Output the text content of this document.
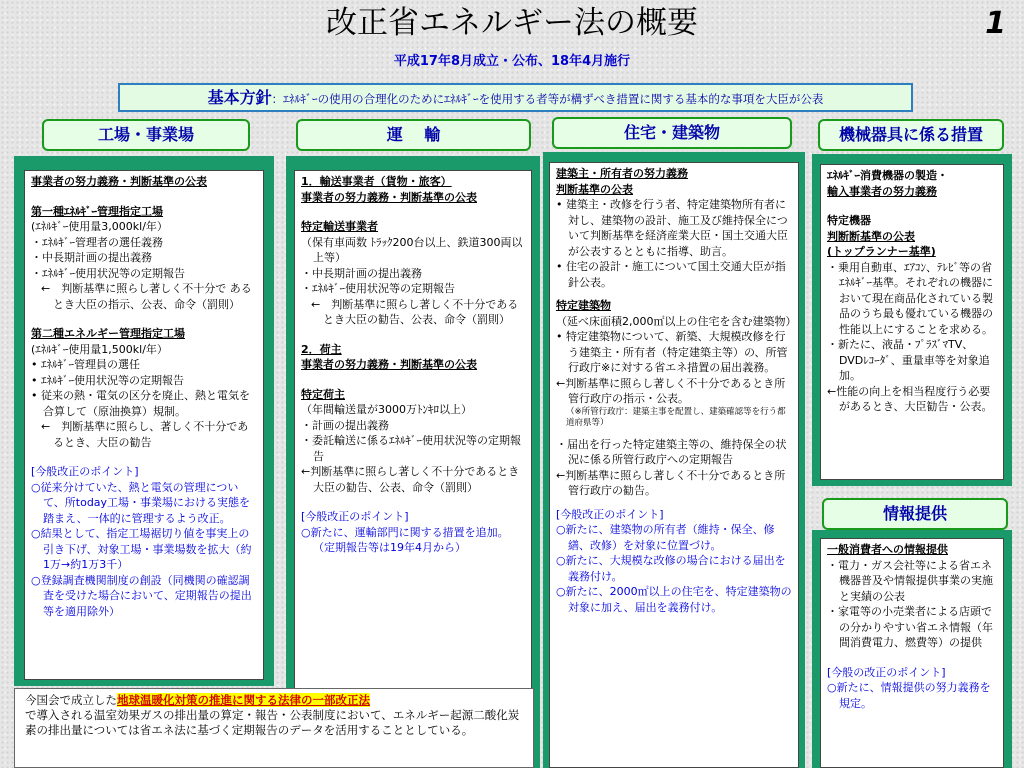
改正省エネルギー法の概要	1
平成17年8月成立・公布、18年4月施行
基本方針：ｴﾈﾙｷﾞｰの使用の合理化のためにｴﾈﾙｷﾞｰを使用する者等が構ずべき措置に関する基本的な事項を大臣が公表
工場・事業場	運　 輸	住宅・建築物	機械器具に係る措置

事業者の努力義務・判断基準の公表

第一種ｴﾈﾙｷﾞｰ管理指定工場

(ｴﾈﾙｷﾞｰ使用量3,000kl/年）

・ｴﾈﾙｷﾞｰ管理者の選任義務

・中長期計画の提出義務

・ｴﾈﾙｷﾞｰ使用状況等の定期報告

←　判断基準に照らし著しく不十分で あるとき大臣の指示、公表、命令（罰則）

第二種エネルギー管理指定工場

(ｴﾈﾙｷﾞｰ使用量1,500kl/年）

• ｴﾈﾙｷﾞｰ管理員の選任

• ｴﾈﾙｷﾞｰ使用状況等の定期報告

• 従来の熱・電気の区分を廃止、熱と電気を合算して（原油換算）規制。

←　判断基準に照らし、著しく不十分であるとき、大臣の勧告

[今般改正のポイント]

○従来分けていた、熱と電気の管理について、所today工場・事業場における実態を踏まえ、一体的に管理するよう改正。

○結果として、指定工場裾切り値を事実上の引き下げ、対象工場・事業場数を拡大（約1万→約1万3千）

○登録調査機関制度の創設（同機関の確認調査を受けた場合において、定期報告の提出等を適用除外）

1．輸送事業者（貨物・旅客）

事業者の努力義務・判断基準の公表

特定輸送事業者

（保有車両数 ﾄﾗｯｸ200台以上、鉄道300両以上等）

・中長期計画の提出義務

・ｴﾈﾙｷﾞｰ使用状況等の定期報告

←　判断基準に照らし著しく不十分であるとき大臣の勧告、公表、命令（罰則）

2．荷主

事業者の努力義務・判断基準の公表

特定荷主

（年間輸送量が3000万ﾄﾝｷﾛ以上）

・計画の提出義務

・委託輸送に係るｴﾈﾙｷﾞｰ使用状況等の定期報告

←判断基準に照らし著しく不十分であるとき大臣の勧告、公表、命令（罰則）

[今般改正のポイント]

○新たに、運輸部門に関する措置を追加。（定期報告等は19年4月から）

建築主・所有者の努力義務

判断基準の公表

• 建築主・改修を行う者、特定建築物所有者に対し、建築物の設計、施工及び維持保全について判断基準を経済産業大臣・国土交通大臣が公表するとともに指導、助言。

• 住宅の設計・施工について国土交通大臣が指針公表。

特定建築物

（延べ床面積2,000㎡以上の住宅を含む建築物）

• 特定建築物について、新築、大規模改修を行う建築主・所有者（特定建築主等）の、所管行政庁※に対する省エネ措置の届出義務。

←判断基準に照らし著しく不十分であるとき所管行政庁の指示・公表。

（※所管行政庁：建築主事を配置し、建築確認等を行う都道府県等）

・届出を行った特定建築主等の、維持保全の状況に係る所管行政庁への定期報告

←判断基準に照らし著しく不十分であるとき所管行政庁の勧告。

[今般改正のポイント]

○新たに、建築物の所有者（維持・保全、修繕、改修）を対象に位置づけ。

○新たに、大規模な改修の場合における届出を義務付け。

○新たに、2000㎡以上の住宅を、特定建築物の対象に加え、届出を義務付け。

ｴﾈﾙｷﾞｰ消費機器の製造・

輸入事業者の努力義務

特定機器

判断断基準の公表

(トップランナー基準)

・乗用自動車、ｴｱｺﾝ、ﾃﾚﾋﾞ等の省ｴﾈﾙｷﾞｰ基準。それぞれの機器において現在商品化されている製品のうち最も優れている機器の性能以上にすることを求める。

・新たに、液晶・ﾌﾟﾗｽﾞﾏTV、DVDﾚｺｰﾀﾞ、重量車等を対象追加。

←性能の向上を相当程度行う必要があるとき、大臣勧告・公表。

情報提供

一般消費者への情報提供

・電力・ガス会社等による省エネ機器普及や情報提供事業の実施と実績の公表

・家電等の小売業者による店頭での分かりやすい省エネ情報（年間消費電力、燃費等）の提供

[今般の改正のポイント]

○新たに、情報提供の努力義務を規定。

今国会で成立した地球温暖化対策の推進に関する法律の一部改正法
で導入される温室効果ガスの排出量の算定・報告・公表制度において、エネルギー起源二酸化炭素の排出量については省エネ法に基づく定期報告のデータを活用することとしている。
